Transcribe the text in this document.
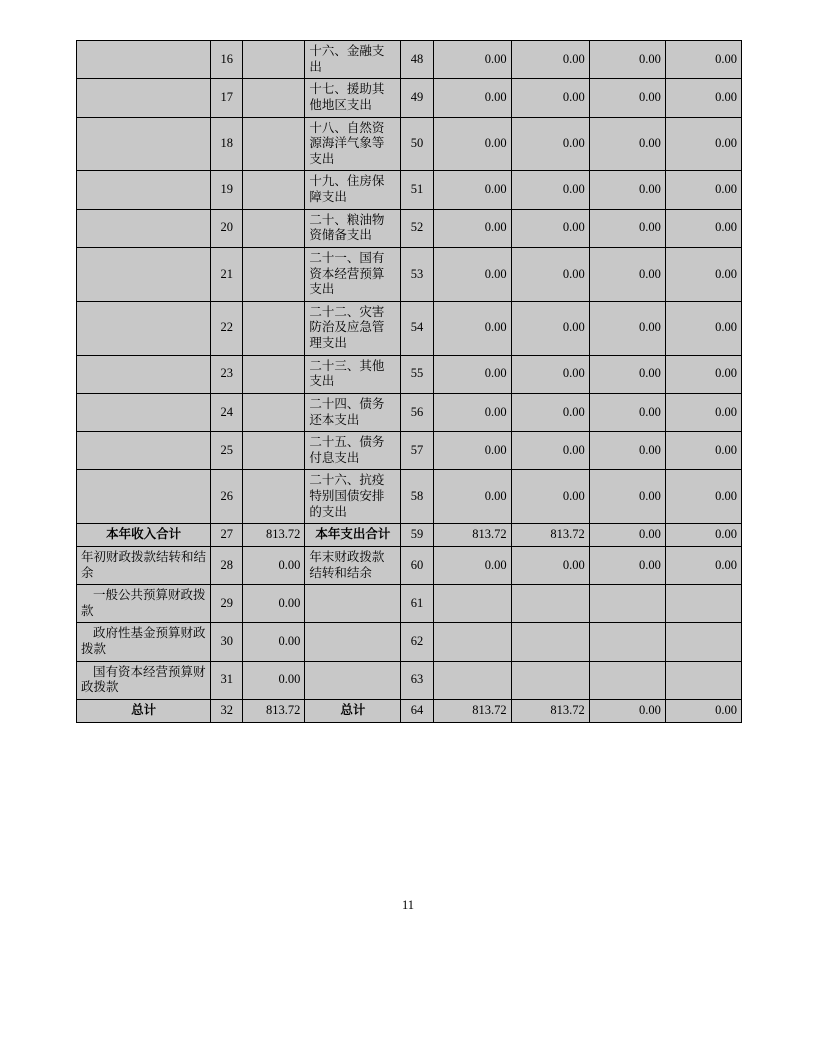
	16		十六、金融支出	48	0.00	0.00	0.00	0.00
	17		十七、援助其他地区支出	49	0.00	0.00	0.00	0.00
	18		十八、自然资源海洋气象等支出	50	0.00	0.00	0.00	0.00
	19		十九、住房保障支出	51	0.00	0.00	0.00	0.00
	20		二十、粮油物资储备支出	52	0.00	0.00	0.00	0.00
	21		二十一、国有资本经营预算支出	53	0.00	0.00	0.00	0.00
	22		二十二、灾害防治及应急管理支出	54	0.00	0.00	0.00	0.00
	23		二十三、其他支出	55	0.00	0.00	0.00	0.00
	24		二十四、债务还本支出	56	0.00	0.00	0.00	0.00
	25		二十五、债务付息支出	57	0.00	0.00	0.00	0.00
	26		二十六、抗疫特别国债安排的支出	58	0.00	0.00	0.00	0.00
本年收入合计	27	813.72	本年支出合计	59	813.72	813.72	0.00	0.00
年初财政拨款结转和结余	28	0.00	年末财政拨款结转和结余	60	0.00	0.00	0.00	0.00
一般公共预算财政拨款	29	0.00		61				
政府性基金预算财政拨款	30	0.00		62				
国有资本经营预算财政拨款	31	0.00		63				
总计	32	813.72	总计	64	813.72	813.72	0.00	0.00
11
